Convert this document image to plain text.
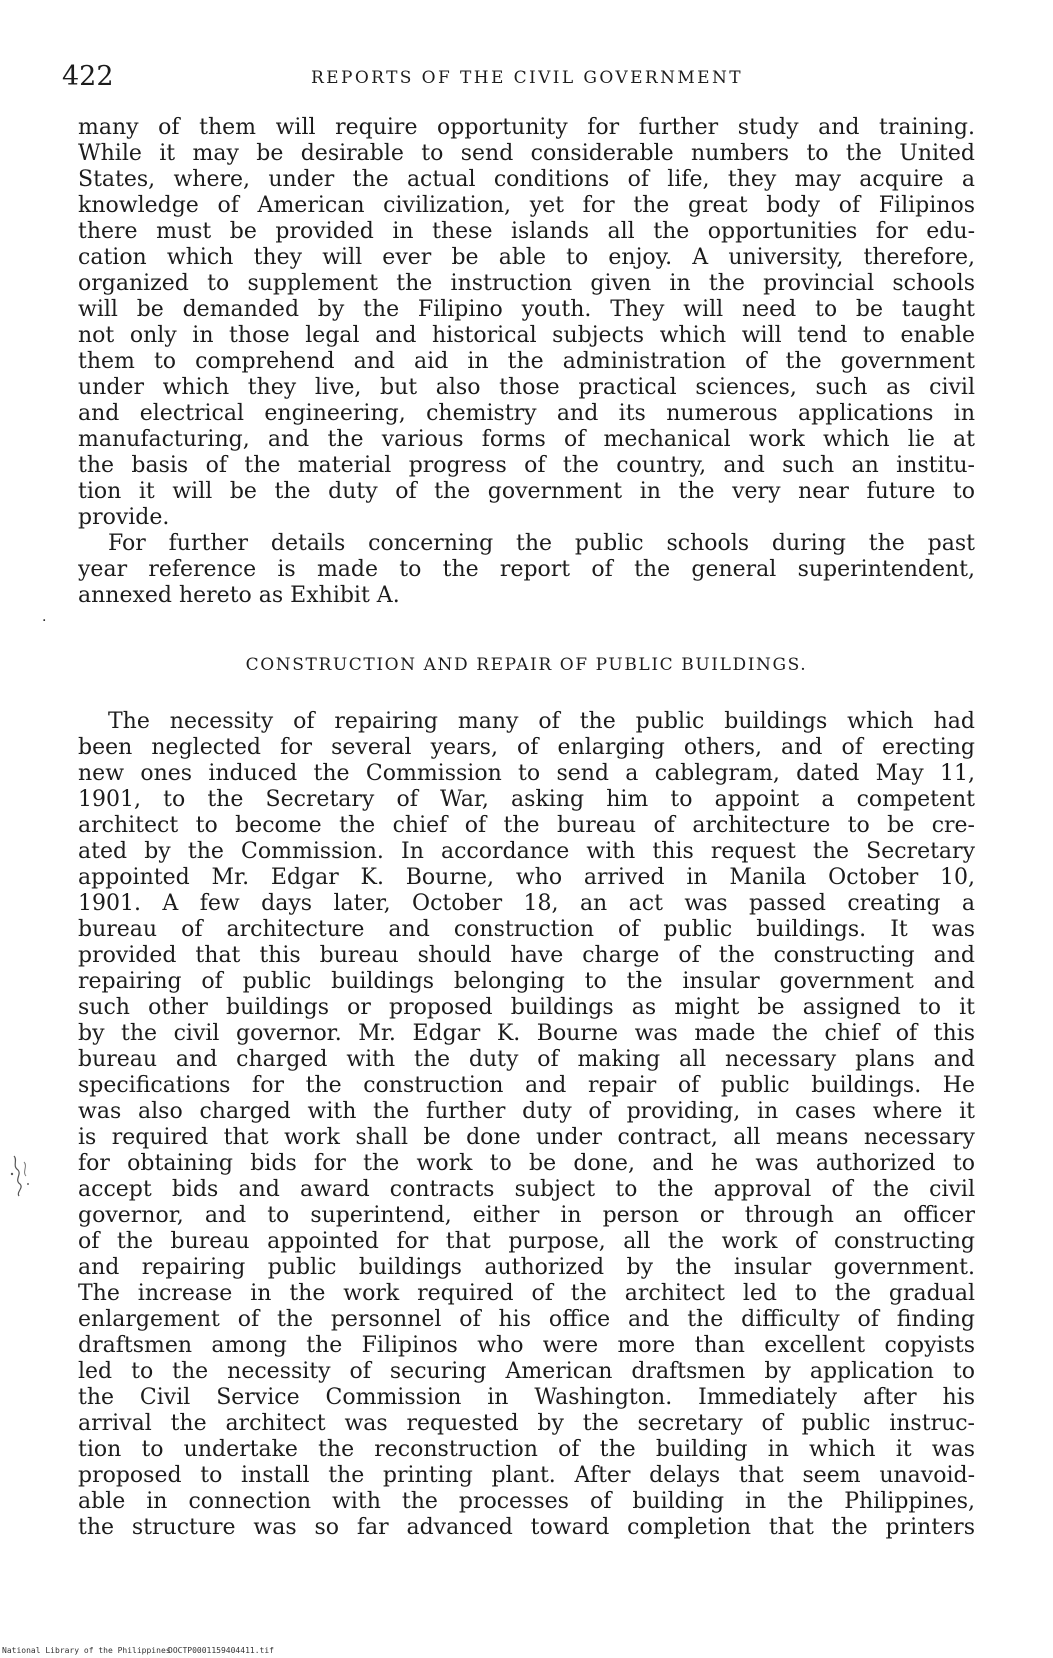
422	REPORTS OF THE CIVIL GOVERNMENT
many of them will require opportunity for further study and training.
While it may be desirable to send considerable numbers to the United
States, where, under the actual conditions of life, they may acquire a
knowledge of American civilization, yet for the great body of Filipinos
there must be provided in these islands all the opportunities for edu-
cation which they will ever be able to enjoy. A university, therefore,
organized to supplement the instruction given in the provincial schools
will be demanded by the Filipino youth. They will need to be taught
not only in those legal and historical subjects which will tend to enable
them to comprehend and aid in the administration of the government
under which they live, but also those practical sciences, such as civil
and electrical engineering, chemistry and its numerous applications in
manufacturing, and the various forms of mechanical work which lie at
the basis of the material progress of the country, and such an institu-
tion it will be the duty of the government in the very near future to
provide.
For further details concerning the public schools during the past
year reference is made to the report of the general superintendent,
annexed hereto as Exhibit A.
·
CONSTRUCTION AND REPAIR OF PUBLIC BUILDINGS.
The necessity of repairing many of the public buildings which had
been neglected for several years, of enlarging others, and of erecting
new ones induced the Commission to send a cablegram, dated May 11,
1901, to the Secretary of War, asking him to appoint a competent
architect to become the chief of the bureau of architecture to be cre-
ated by the Commission. In accordance with this request the Secretary
appointed Mr. Edgar K. Bourne, who arrived in Manila October 10,
1901. A few days later, October 18, an act was passed creating a
bureau of architecture and construction of public buildings. It was
provided that this bureau should have charge of the constructing and
repairing of public buildings belonging to the insular government and
such other buildings or proposed buildings as might be assigned to it
by the civil governor. Mr. Edgar K. Bourne was made the chief of this
bureau and charged with the duty of making all necessary plans and
specifications for the construction and repair of public buildings. He
was also charged with the further duty of providing, in cases where it
is required that work shall be done under contract, all means necessary
for obtaining bids for the work to be done, and he was authorized to
accept bids and award contracts subject to the approval of the civil
governor, and to superintend, either in person or through an officer
of the bureau appointed for that purpose, all the work of constructing
and repairing public buildings authorized by the insular government.
The increase in the work required of the architect led to the gradual
enlargement of the personnel of his office and the difficulty of finding
draftsmen among the Filipinos who were more than excellent copyists
led to the necessity of securing American draftsmen by application to
the Civil Service Commission in Washington. Immediately after his
arrival the architect was requested by the secretary of public instruc-
tion to undertake the reconstruction of the building in which it was
proposed to install the printing plant. After delays that seem unavoid-
able in connection with the processes of building in the Philippines,
the structure was so far advanced toward completion that the printers
National Library of the Philippines
DOCTP0001159404411.tif
